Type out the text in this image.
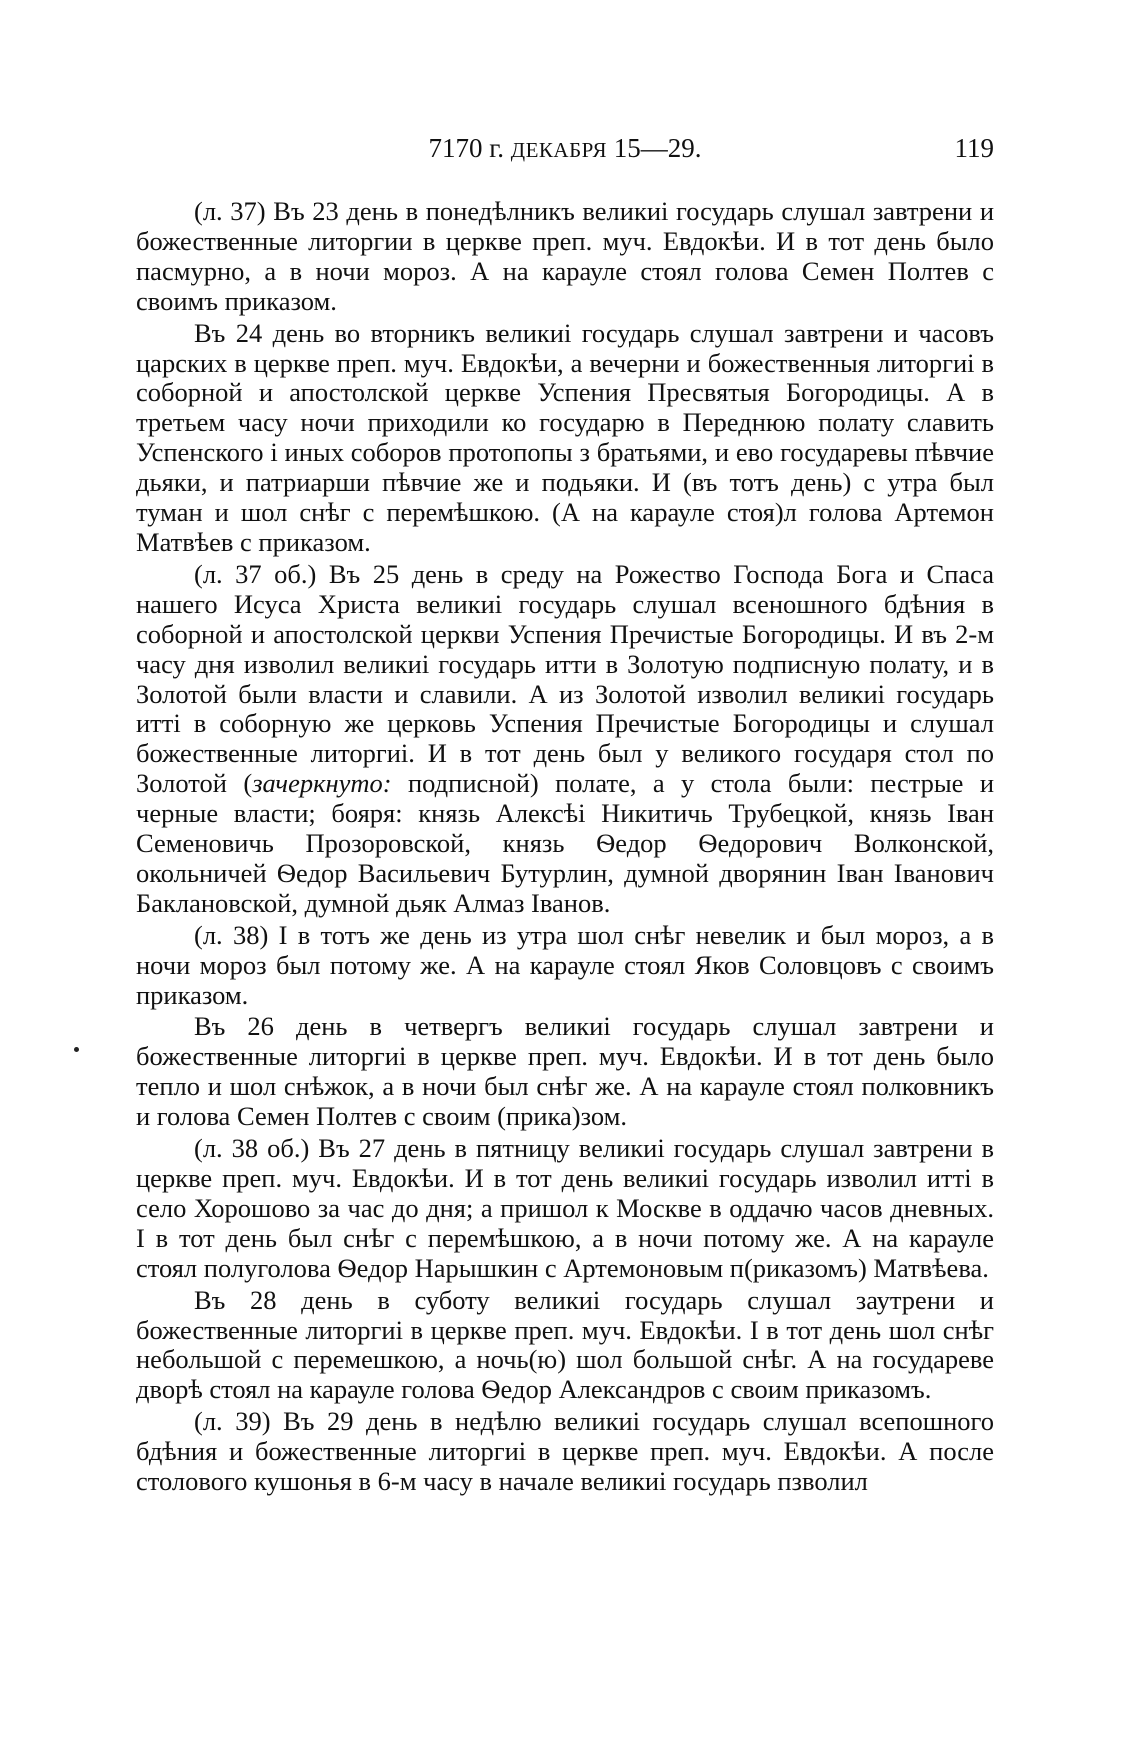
7170 г. ДЕКАБРЯ 15—29.	119

(л. 37) Въ 23 день в понедѣлникъ великиі государь слушал завтрени и божественные литоргии в церкве преп. муч. Евдокѣи. И в тот день было пасмурно, а в ночи мороз. А на карауле стоял голова Семен Полтев с своимъ приказом.

Въ 24 день во вторникъ великиі государь слушал завтрени и часовъ царских в церкве преп. муч. Евдокѣи, а вечерни и божественныя литоргиі в соборной и апостолской церкве Успения Пресвятыя Богородицы. А в третьем часу ночи приходили ко государю в Переднюю полату славить Успенского і иных соборов протопопы з братьями, и ево государевы пѣвчие дьяки, и патриарши пѣвчие же и подьяки. И (въ тотъ день) с утра был туман и шол снѣг с перемѣшкою. (А на карауле стоя)л голова Артемон Матвѣев с приказом.

(л. 37 об.) Въ 25 день в среду на Рожество Господа Бога и Спаса нашего Исуса Христа великиі государь слушал всеношного бдѣния в соборной и апостолской церкви Успения Пречистые Богородицы. И въ 2-м часу дня изволил великиі государь итти в Золотую подписную полату, и в Золотой были власти и славили. А из Золотой изволил великиі государь иттi в соборную же церковь Успения Пречистые Богородицы и слушал божественные литоргиі. И в тот день был у великого государя стол по Золотой (зачеркнуто: подписной) полате, а у стола были: пестрые и черные власти; бояря: князь Алексѣi Никитичь Трубецкой, князь Iван Семеновичь Прозоровской, князь Ѳедор Ѳедорович Волконской, окольничей Ѳедор Васильевич Бутурлин, думной дворянин Iван Iванович Баклановской, думной дьяк Алмаз Iванов.

(л. 38) I в тотъ же день из утра шол снѣг невелик и был мороз, а в ночи мороз был потому же. А на карауле стоял Яков Соловцовъ с своимъ приказом.

Въ 26 день в четвергъ великиі государь слушал завтрени и божественные литоргиі в церкве преп. муч. Евдокѣи. И в тот день было тепло и шол снѣжок, а в ночи был снѣг же. А на карауле стоял полковникъ и голова Семен Полтев с своим (прика)зом.

(л. 38 об.) Въ 27 день в пятницу великиі государь слушал завтрени в церкве преп. муч. Евдокѣи. И в тот день великиі государь изволил итті в село Хорошово за час до дня; а пришол к Москве в оддачю часов дневных. I в тот день был снѣг с перемѣшкою, а в ночи потому же. А на карауле стоял полуголова Ѳедор Нарышкин с Артемоновым п(риказомъ) Матвѣева.

Въ 28 день в суботу великиі государь слушал заутрени и божественные литоргиі в церкве преп. муч. Евдокѣи. I в тот день шол снѣг небольшой с перемешкою, а ночь(ю) шол большой снѣг. А на государеве дворѣ стоял на карауле голова Ѳедор Александров с своим приказомъ.

(л. 39) Въ 29 день в недѣлю великиі государь слушал всепошного бдѣния и божественные литоргиі в церкве преп. муч. Евдокѣи. А после столового кушонья в 6-м часу в начале великиі государь пзволил
